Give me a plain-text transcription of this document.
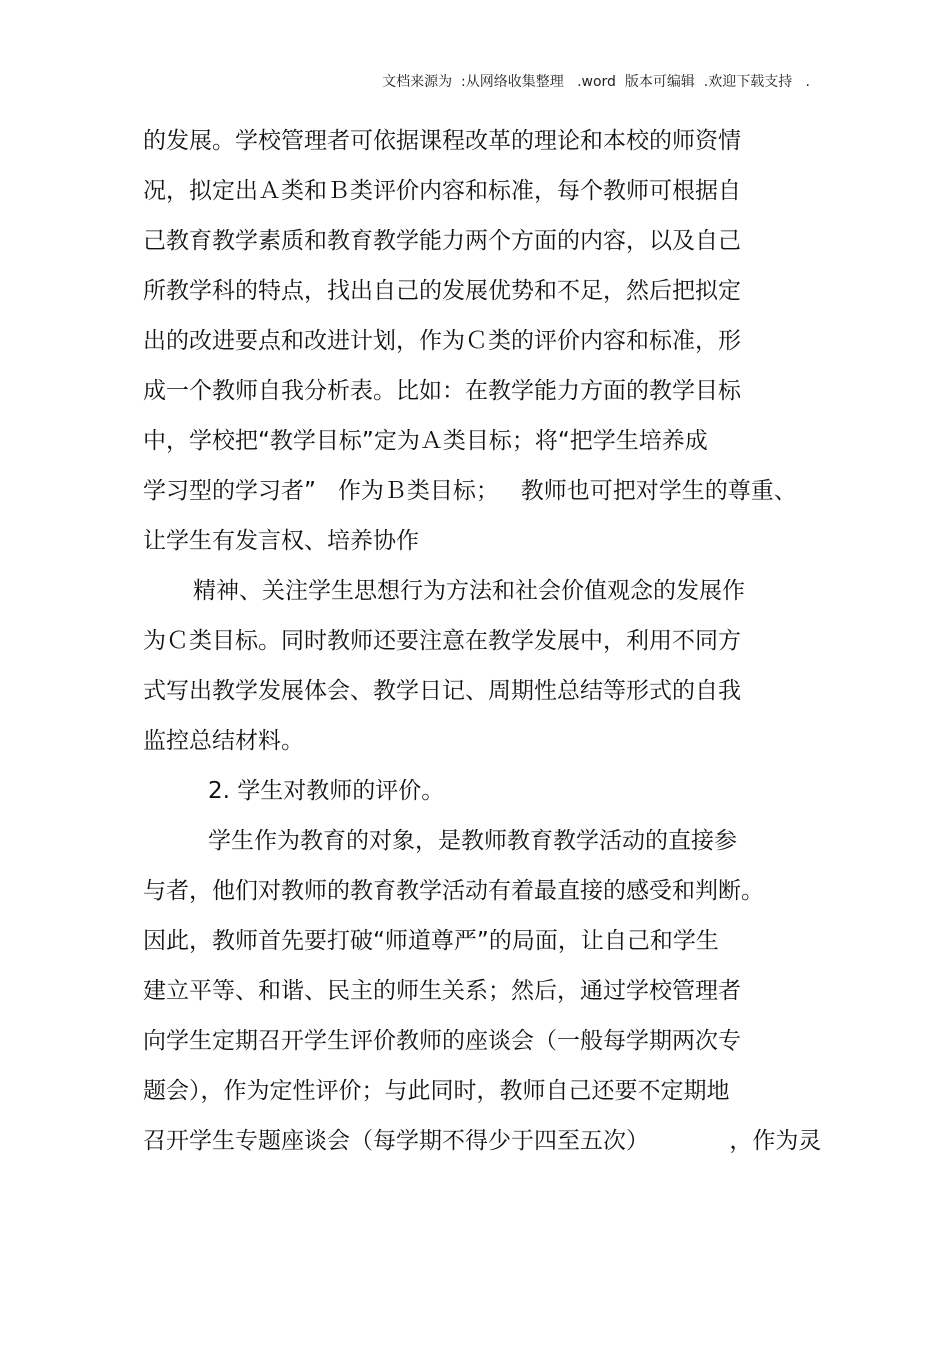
文档来源为  :从网络收集整理   .word  版本可编辑  .欢迎下载支持   .
的发展。学校管理者可依据课程改革的理论和本校的师资情
况，拟定出Ａ类和Ｂ类评价内容和标准，每个教师可根据自
己教育教学素质和教育教学能力两个方面的内容，以及自己
所教学科的特点，找出自己的发展优势和不足，然后把拟定
出的改进要点和改进计划，作为Ｃ类的评价内容和标准，形
成一个教师自我分析表。比如：在教学能力方面的教学目标
中，学校把“教学目标”定为Ａ类目标；将“把学生培养成
学习型的学习者”   作为Ｂ类目标；   教师也可把对学生的尊重、
让学生有发言权、培养协作
精神、关注学生思想行为方法和社会价值观念的发展作
为Ｃ类目标。同时教师还要注意在教学发展中，利用不同方
式写出教学发展体会、教学日记、周期性总结等形式的自我
监控总结材料。
2. 学生对教师的评价。
学生作为教育的对象，是教师教育教学活动的直接参
与者，他们对教师的教育教学活动有着最直接的感受和判断。
因此，教师首先要打破“师道尊严”的局面，让自己和学生
建立平等、和谐、民主的师生关系；然后，通过学校管理者
向学生定期召开学生评价教师的座谈会（一般每学期两次专
题会），作为定性评价；与此同时，教师自己还要不定期地
召开学生专题座谈会（每学期不得少于四至五次）           ，作为灵
